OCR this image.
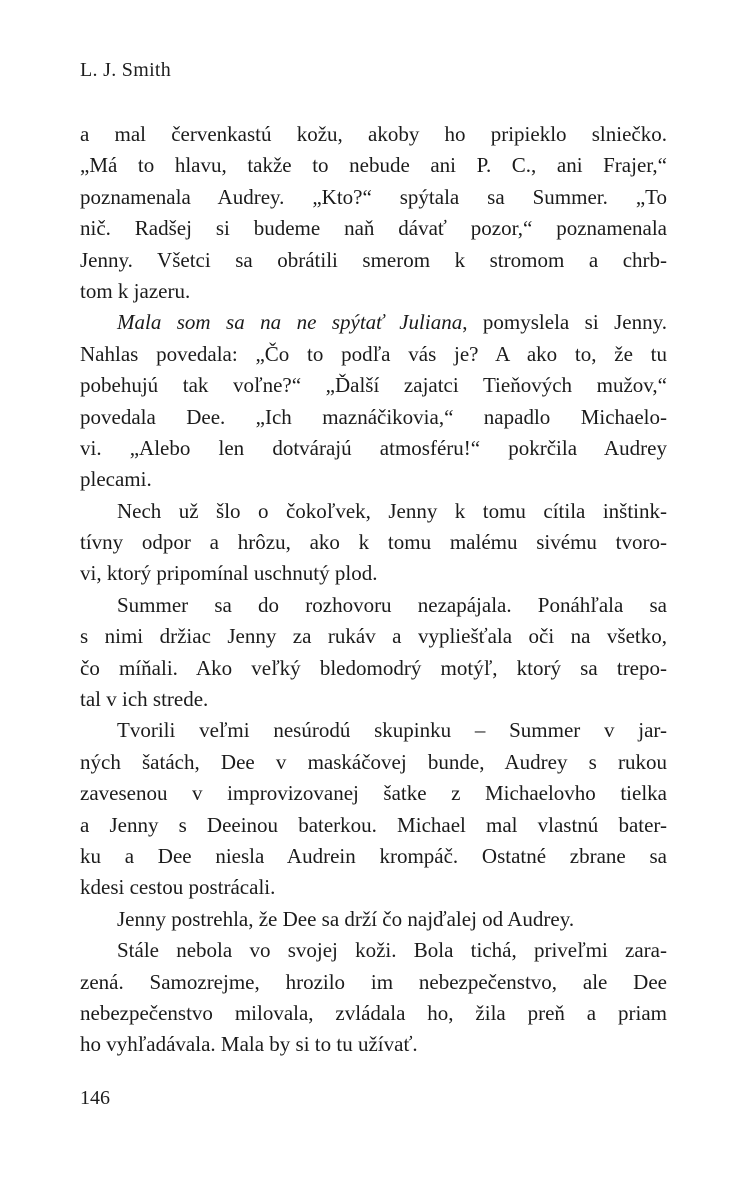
L. J. Smith
a mal červenkastú kožu, akoby ho pripieklo slniečko.
„Má to hlavu, takže to nebude ani P. C., ani Frajer,“
poznamenala Audrey. „Kto?“ spýtala sa Summer. „To
nič. Radšej si budeme naň dávať pozor,“ poznamenala
Jenny. Všetci sa obrátili smerom k stromom a chrb-
tom k jazeru.
Mala som sa na ne spýtať Juliana, pomyslela si Jenny.
Nahlas povedala: „Čo to podľa vás je? A ako to, že tu
pobehujú tak voľne?“ „Ďalší zajatci Tieňových mužov,“
povedala Dee. „Ich maznáčikovia,“ napadlo Michaelo-
vi. „Alebo len dotvárajú atmosféru!“ pokrčila Audrey
plecami.
Nech už šlo o čokoľvek, Jenny k tomu cítila inštink-
tívny odpor a hrôzu, ako k tomu malému sivému tvoro-
vi, ktorý pripomínal uschnutý plod.
Summer sa do rozhovoru nezapájala. Ponáhľala sa
s nimi držiac Jenny za rukáv a vypliešťala oči na všetko,
čo míňali. Ako veľký bledomodrý motýľ, ktorý sa trepo-
tal v ich strede.
Tvorili veľmi nesúrodú skupinku – Summer v jar-
ných šatách, Dee v maskáčovej bunde, Audrey s rukou
zavesenou v improvizovanej šatke z Michaelovho tielka
a Jenny s Deeinou baterkou. Michael mal vlastnú bater-
ku a Dee niesla Audrein krompáč. Ostatné zbrane sa
kdesi cestou postrácali.
Jenny postrehla, že Dee sa drží čo najďalej od Audrey.
Stále nebola vo svojej koži. Bola tichá, priveľmi zara-
zená. Samozrejme, hrozilo im nebezpečenstvo, ale Dee
nebezpečenstvo milovala, zvládala ho, žila preň a priam
ho vyhľadávala. Mala by si to tu užívať.
146
